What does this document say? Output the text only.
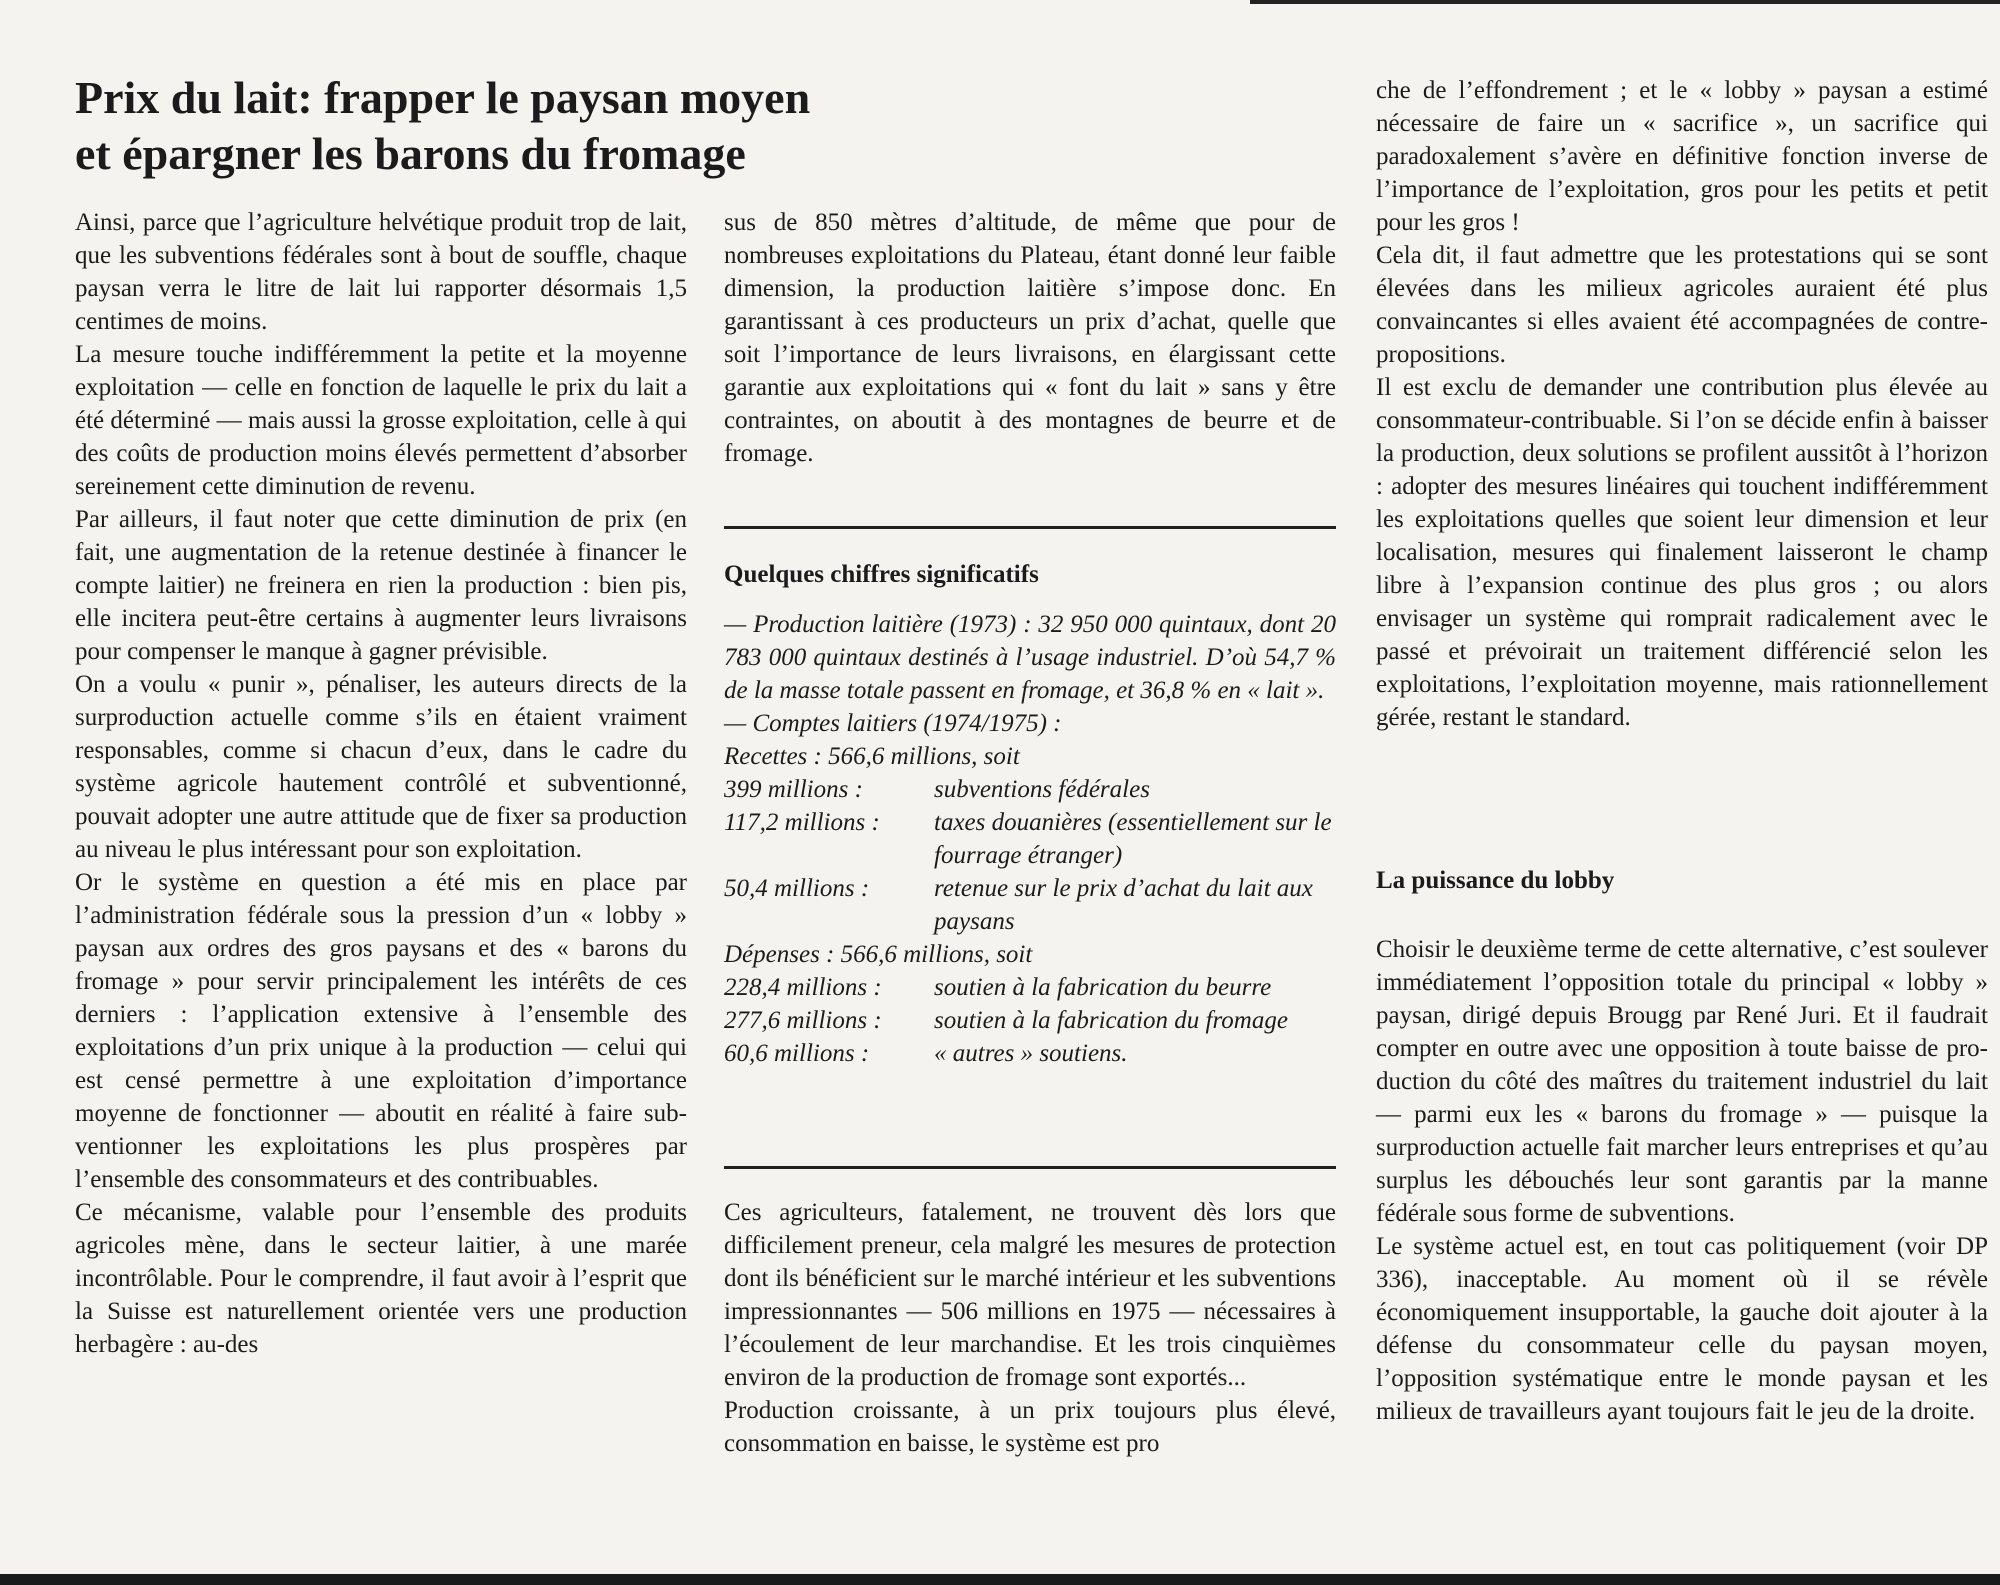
Prix du lait: frapper le paysan moyen
et épargner les barons du fromage

Ainsi, parce que l’agriculture helvétique produit trop de lait, que les subventions fédérales sont à bout de souffle, chaque paysan verra le litre de lait lui rapporter désormais 1,5 centimes de moins.

La mesure touche indifféremment la petite et la moyenne exploitation — celle en fonction de laquelle le prix du lait a été déterminé — mais aussi la grosse exploitation, celle à qui des coûts de production moins élevés permettent d’absorber sereinement cette diminution de revenu.

Par ailleurs, il faut noter que cette diminution de prix (en fait, une augmentation de la retenue destinée à financer le compte laitier) ne freinera en rien la production : bien pis, elle incitera peut-être certains à augmenter leurs livraisons pour compenser le manque à gagner prévisible.

On a voulu « punir », pénaliser, les auteurs directs de la surproduction actuelle comme s’ils en étaient vraiment responsables, comme si chacun d’eux, dans le cadre du système agricole hautement contrôlé et subventionné, pouvait adopter une autre attitude que de fixer sa production au niveau le plus intéressant pour son exploitation.

Or le système en question a été mis en place par l’administration fédérale sous la pression d’un « lobby » paysan aux ordres des gros paysans et des « barons du fromage » pour servir principalement les intérêts de ces derniers : l’application extensive à l’ensemble des exploitations d’un prix unique à la production — celui qui est censé permettre à une exploitation d’importance moyenne de fonctionner — aboutit en réalité à faire subventionner les exploitations les plus prospères par l’ensemble des consommateurs et des contribuables.

Ce mécanisme, valable pour l’ensemble des produits agricoles mène, dans le secteur laitier, à une marée incontrôlable. Pour le comprendre, il faut avoir à l’esprit que la Suisse est naturellement orientée vers une production herbagère : au-des

sus de 850 mètres d’altitude, de même que pour de nombreuses exploitations du Plateau, étant donné leur faible dimension, la production laitière s’impose donc. En garantissant à ces producteurs un prix d’achat, quelle que soit l’importance de leurs livraisons, en élargissant cette garantie aux exploitations qui « font du lait » sans y être contraintes, on aboutit à des montagnes de beurre et de fromage.

Quelques chiffres significatifs

— Production laitière (1973) : 32 950 000 quintaux, dont 20 783 000 quintaux destinés à l’usage industriel. D’où 54,7 % de la masse totale passent en fromage, et 36,8 % en « lait ».

— Comptes laitiers (1974/1975) :

Recettes : 566,6 millions, soit

399 millions :	subventions fédérales
117,2 millions :	taxes douanières (essentiellement sur le fourrage étranger)
50,4 millions :	retenue sur le prix d’achat du lait aux paysans

Dépenses : 566,6 millions, soit

228,4 millions :	soutien à la fabrication du beurre
277,6 millions :	soutien à la fabrication du fromage
60,6 millions :	« autres » soutiens.

Ces agriculteurs, fatalement, ne trouvent dès lors que difficilement preneur, cela malgré les mesures de protection dont ils bénéficient sur le marché intérieur et les subventions impressionnantes — 506 millions en 1975 — nécessaires à l’écoulement de leur marchandise. Et les trois cinquièmes environ de la production de fromage sont exportés...

Production croissante, à un prix toujours plus élevé, consommation en baisse, le système est pro

che de l’effondrement ; et le « lobby » paysan a estimé nécessaire de faire un « sacrifice », un sacrifice qui paradoxalement s’avère en définitive fonction inverse de l’importance de l’exploitation, gros pour les petits et petit pour les gros !

Cela dit, il faut admettre que les protestations qui se sont élevées dans les milieux agricoles auraient été plus convaincantes si elles avaient été accompagnées de contre-propositions.

Il est exclu de demander une contribution plus élevée au consommateur-contribuable. Si l’on se décide enfin à baisser la production, deux solutions se profilent aussitôt à l’horizon : adopter des mesures linéaires qui touchent indifféremment les exploitations quelles que soient leur dimension et leur localisation, mesures qui finalement laisseront le champ libre à l’expansion continue des plus gros ; ou alors envisager un système qui romprait radicalement avec le passé et prévoirait un traitement différencié selon les exploitations, l’exploitation moyenne, mais rationnellement gérée, restant le standard.

La puissance du lobby

Choisir le deuxième terme de cette alternative, c’est soulever immédiatement l’opposition totale du principal « lobby » paysan, dirigé depuis Brougg par René Juri. Et il faudrait compter en outre avec une opposition à toute baisse de production du côté des maîtres du traitement industriel du lait — parmi eux les « barons du fromage » — puisque la surproduction actuelle fait marcher leurs entreprises et qu’au surplus les débouchés leur sont garantis par la manne fédérale sous forme de subventions.

Le système actuel est, en tout cas politiquement (voir DP 336), inacceptable. Au moment où il se révèle économiquement insupportable, la gauche doit ajouter à la défense du consommateur celle du paysan moyen, l’opposition systématique entre le monde paysan et les milieux de travailleurs ayant toujours fait le jeu de la droite.
